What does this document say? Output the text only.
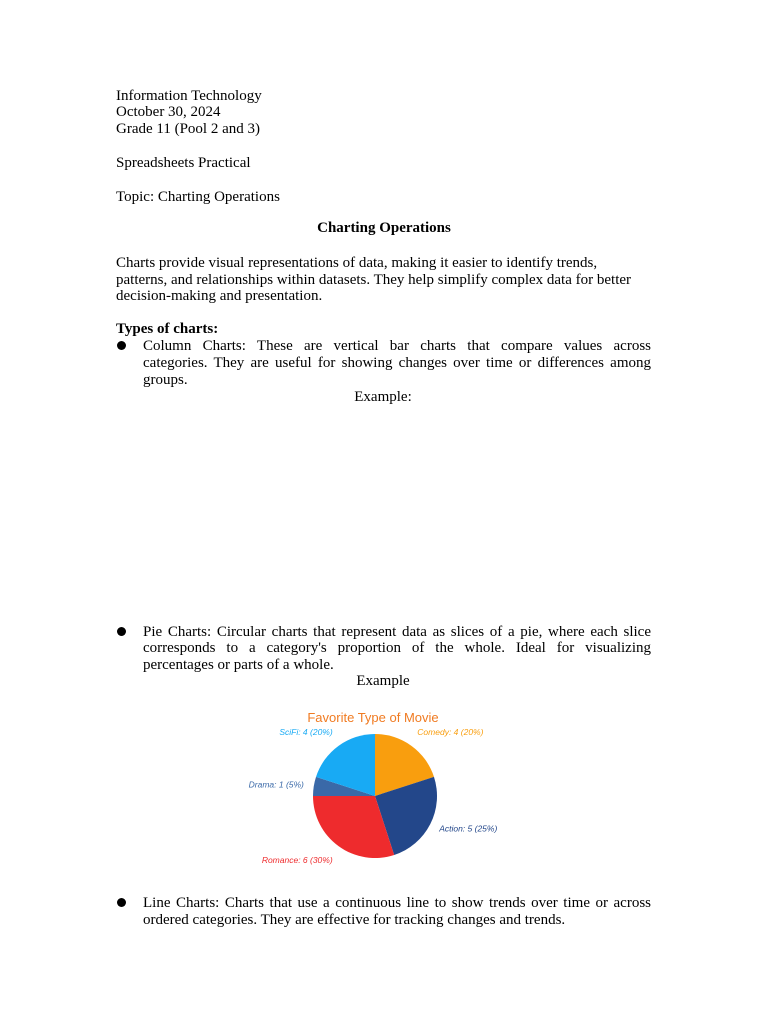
Information Technology
October 30, 2024
Grade 11 (Pool 2 and 3)
Spreadsheets Practical
Topic: Charting Operations
Charting Operations
Charts provide visual representations of data, making it easier to identify trends,
patterns, and relationships within datasets. They help simplify complex data for better
decision-making and presentation.
Types of charts:
Column Charts: These are vertical bar charts that compare values across
categories. They are useful for showing changes over time or differences among
groups.
Example:
Pie Charts: Circular charts that represent data as slices of a pie, where each slice
corresponds to a category's proportion of the whole. Ideal for visualizing
percentages or parts of a whole.
Example
Favorite Type of Movie
Comedy: 4 (20%)
Action: 5 (25%)
Romance: 6 (30%)
Drama: 1 (5%)
SciFi: 4 (20%)
Line Charts: Charts that use a continuous line to show trends over time or across
ordered categories. They are effective for tracking changes and trends.
